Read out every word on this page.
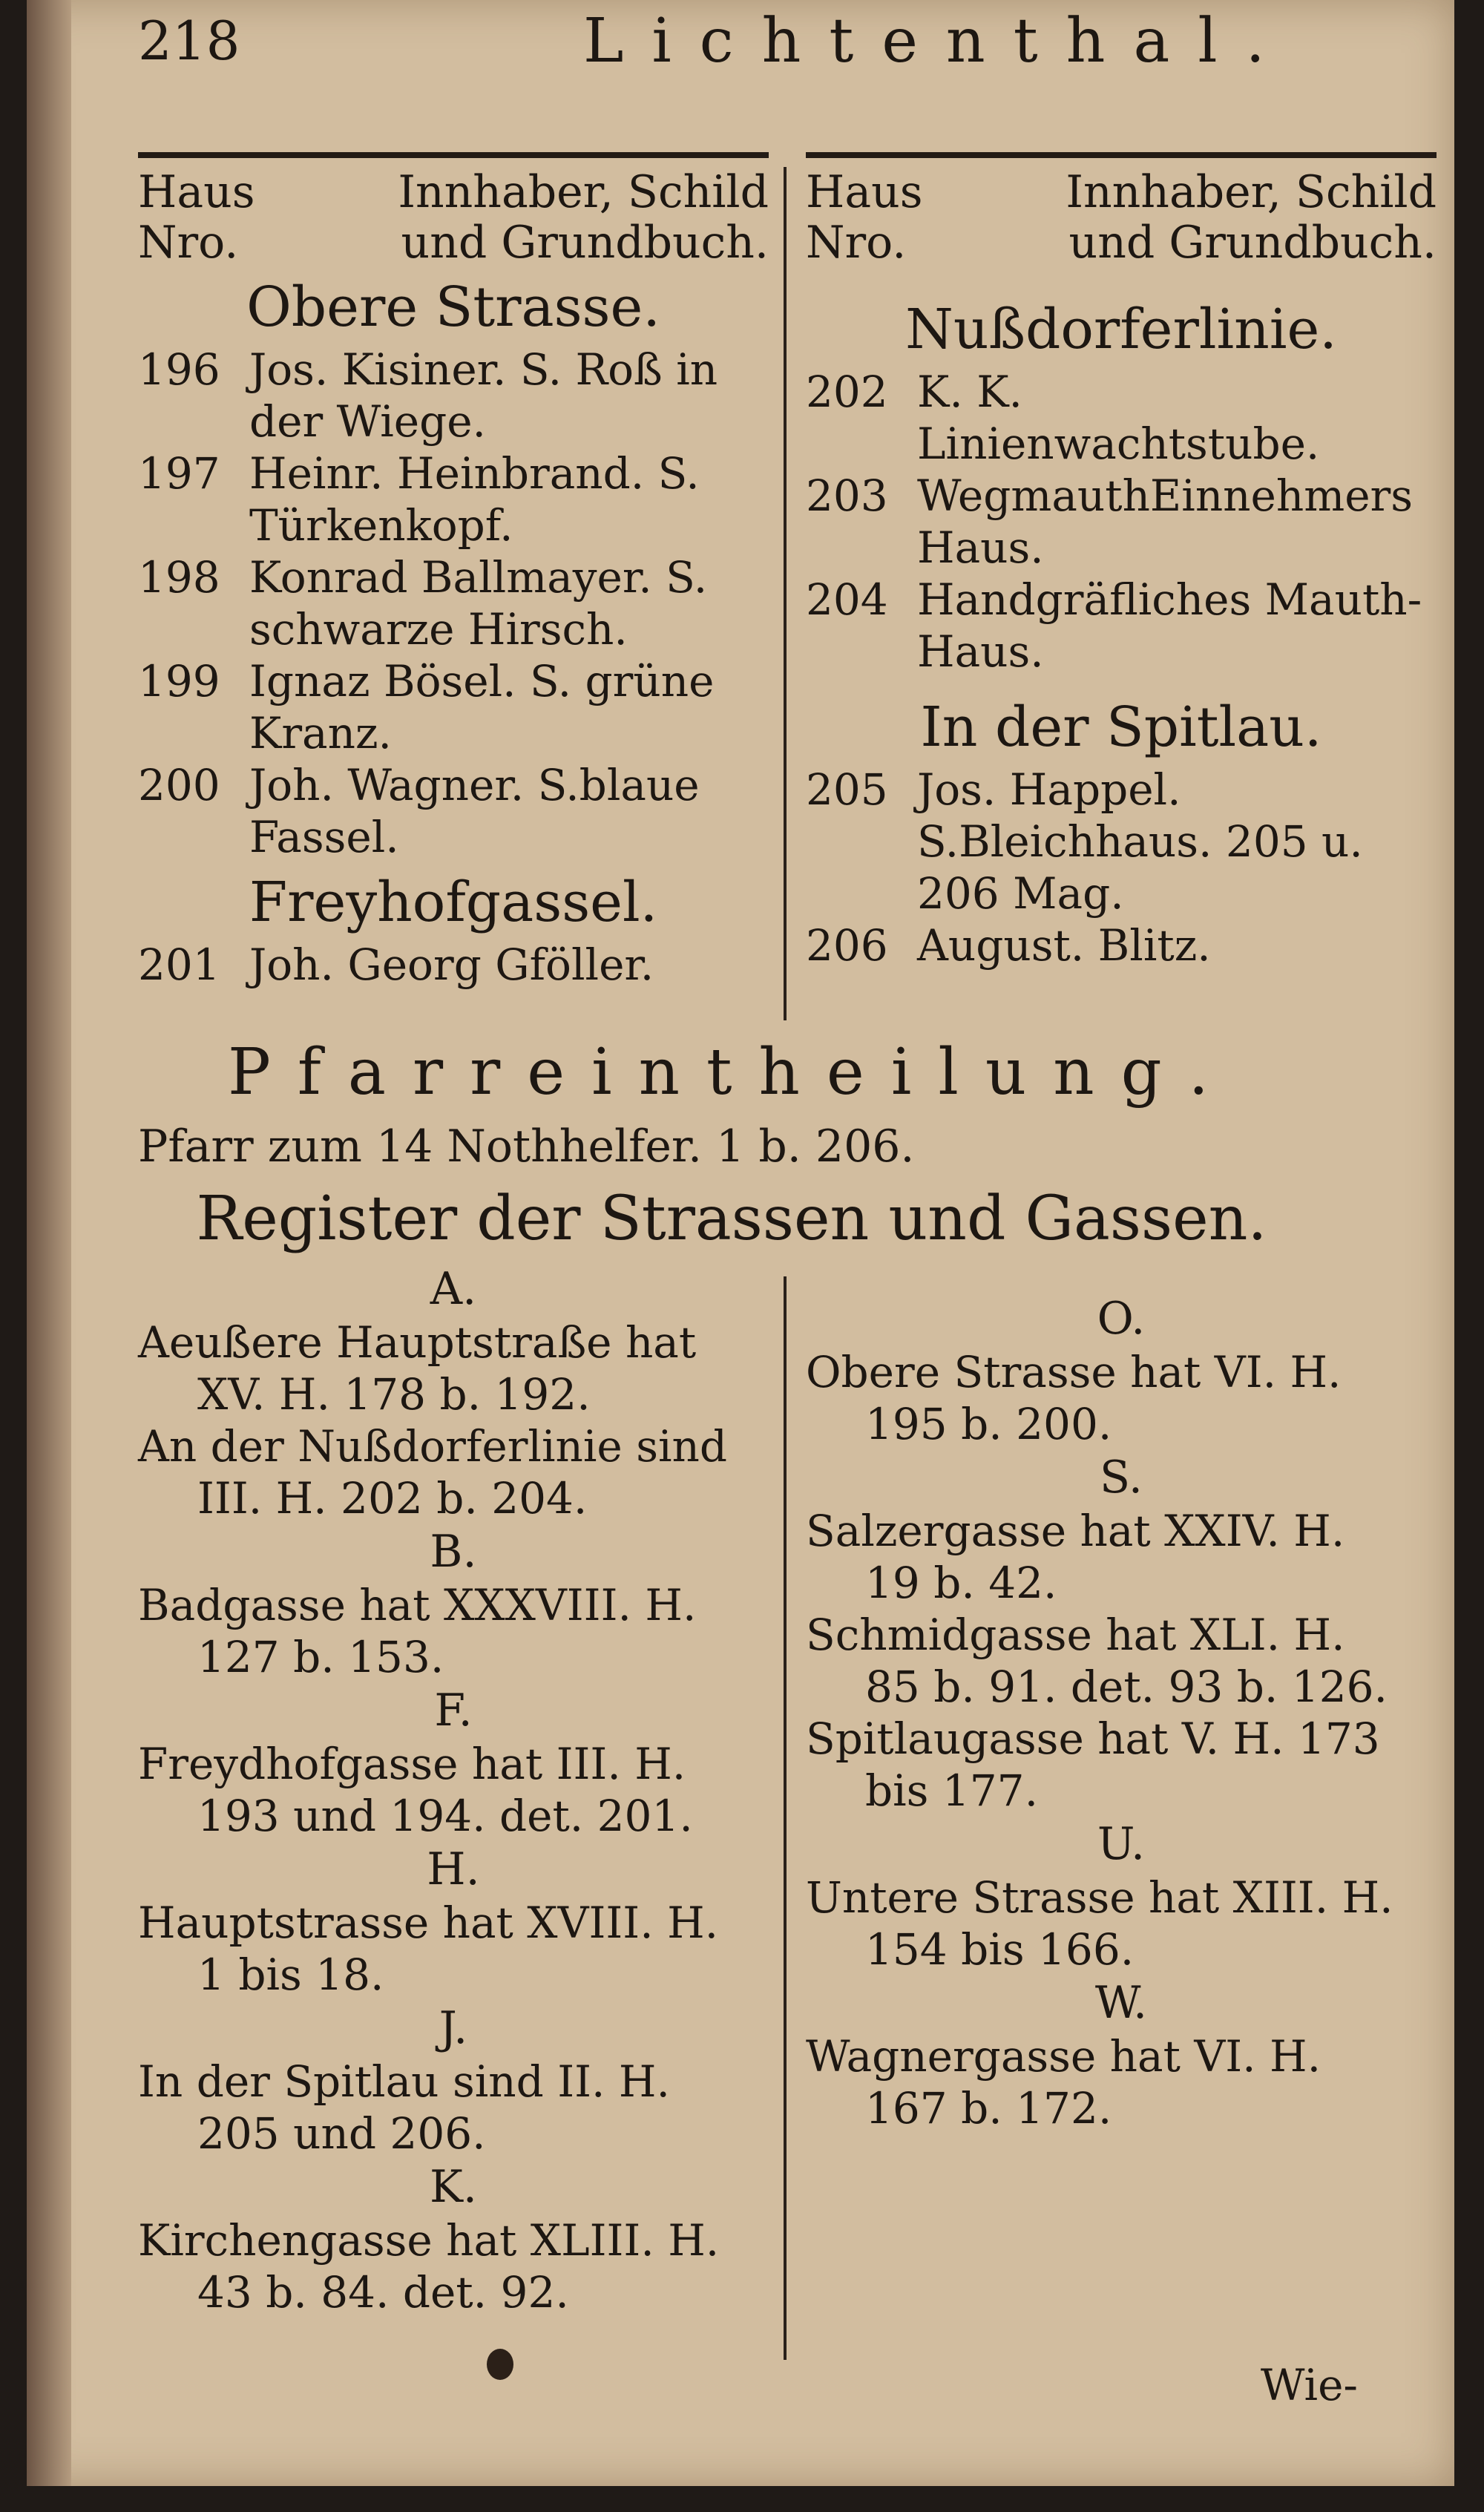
218	Lichtenthal.
Haus
Nro.
Innhaber, Schild
und Grundbuch.
Obere Strasse.
196 Jos. Kisiner. S. Roß in der Wiege.
197 Heinr. Heinbrand. S. Türkenkopf.
198 Konrad Ballmayer. S. schwarze Hirsch.
199 Ignaz Bösel. S. grüne Kranz.
200 Joh. Wagner. S.blaue Fassel.
Freyhofgassel.
201 Joh. Georg Gföller.
Haus
Nro.
Innhaber, Schild
und Grundbuch.
Nußdorferlinie.
202 K. K. Linienwachtstube.
203 WegmauthEinnehmers Haus.
204 Handgräfliches Mauth-Haus.
In der Spitlau.
205 Jos. Happel. S.Bleichhaus. 205 u. 206 Mag.
206 August. Blitz.
Pfarreintheilung.
Pfarr zum 14 Nothhelfer. 1 b. 206.
Register der Strassen und Gassen.
A.
Aeußere Hauptstraße hat
XV. H. 178 b. 192.
An der Nußdorferlinie sind
III. H. 202 b. 204.
B.
Badgasse hat XXXVIII. H.
127 b. 153.
F.
Freydhofgasse hat III. H.
193 und 194. det. 201.
H.
Hauptstrasse hat XVIII. H.
1 bis 18.
J.
In der Spitlau sind II. H.
205 und 206.
K.
Kirchengasse hat XLIII. H.
43 b. 84. det. 92.
O.
Obere Strasse hat VI. H.
195 b. 200.
S.
Salzergasse hat XXIV. H.
19 b. 42.
Schmidgasse hat XLI. H.
85 b. 91. det. 93 b. 126.
Spitlaugasse hat V. H. 173
bis 177.
U.
Untere Strasse hat XIII. H.
154 bis 166.
W.
Wagnergasse hat VI. H.
167 b. 172.
Wie-
